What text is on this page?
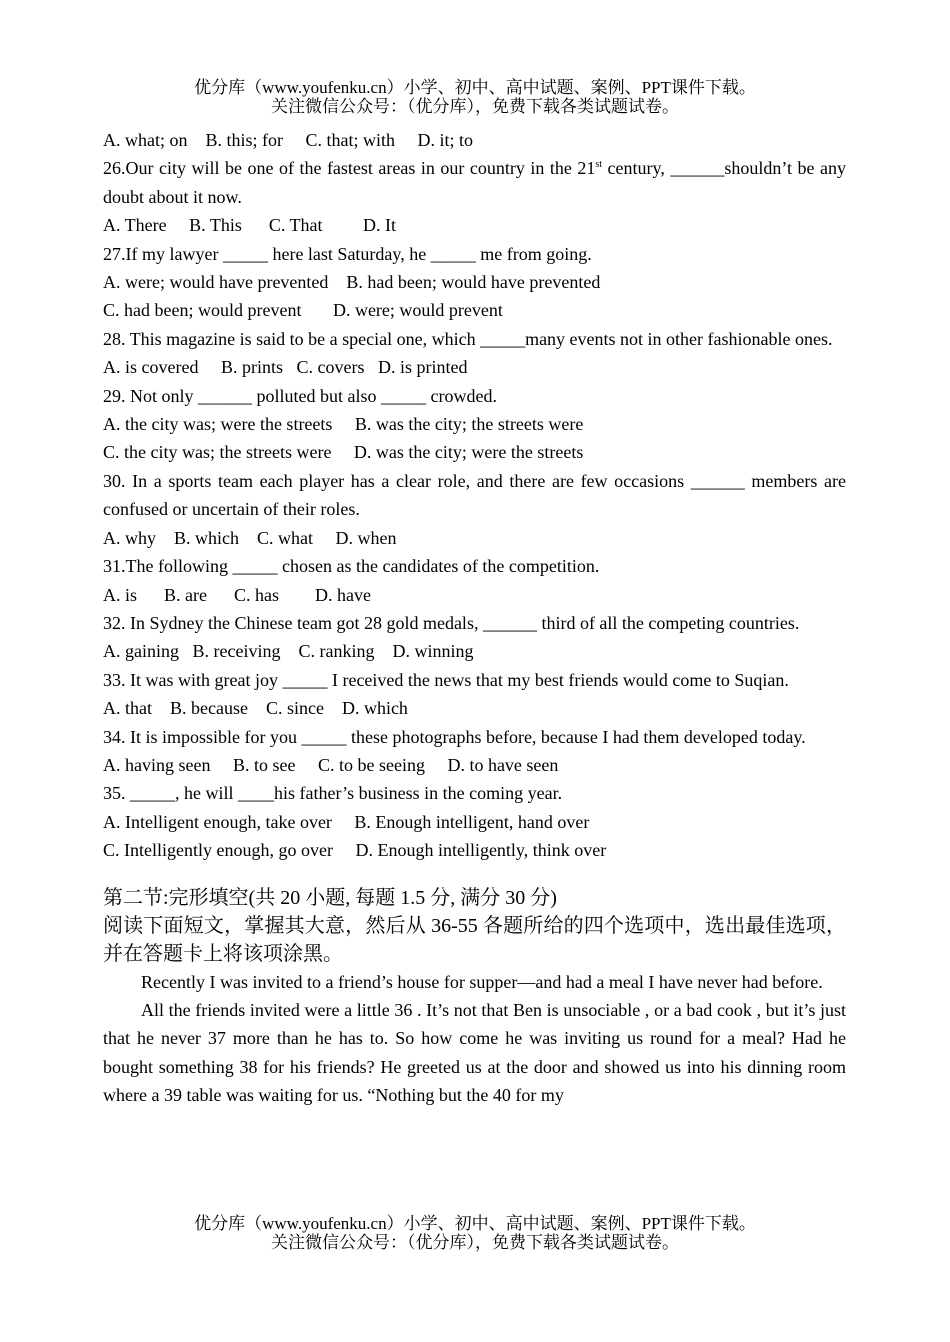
优分库（www.youfenku.cn）小学、初中、高中试题、案例、PPT课件下载。
关注微信公众号：（优分库），免费下载各类试题试卷。

A. what; on    B. this; for     C. that; with     D. it; to

26.Our city will be one of the fastest areas in our country in the 21st century, ______shouldn’t be any doubt about it now.

A. There     B. This      C. That         D. It

27.If my lawyer _____ here last Saturday, he _____ me from going.

A. were; would have prevented    B. had been; would have prevented

C. had been; would prevent       D. were; would prevent

28. This magazine is said to be a special one, which _____many events not in other fashionable ones.

A. is covered     B. prints   C. covers   D. is printed

29. Not only ______ polluted but also _____ crowded.

A. the city was; were the streets     B. was the city; the streets were

C. the city was; the streets were     D. was the city; were the streets

30. In a sports team each player has a clear role, and there are few occasions ______ members are confused or uncertain of their roles.

A. why    B. which    C. what     D. when

31.The following _____ chosen as the candidates of the competition.

A. is      B. are      C. has        D. have

32. In Sydney the Chinese team got 28 gold medals, ______ third of all the competing countries.

A. gaining   B. receiving    C. ranking    D. winning

33. It was with great joy _____ I received the news that my best friends would come to Suqian.

A. that    B. because    C. since    D. which

34. It is impossible for you _____ these photographs before, because I had them developed today.

A. having seen     B. to see     C. to be seeing     D. to have seen

35. _____, he will ____his father’s business in the coming year.

A. Intelligent enough, take over     B. Enough intelligent, hand over

C. Intelligently enough, go over     D. Enough intelligently, think over

第二节:完形填空(共 20 小题, 每题 1.5 分, 满分 30 分)

阅读下面短文，掌握其大意，然后从 36-55 各题所给的四个选项中，选出最佳选项，并在答题卡上将该项涂黑。

Recently I was invited to a friend’s house for supper—and had a meal I have never had before.

All the friends invited were a little 36 . It’s not that Ben is unsociable , or a bad cook , but it’s just that he never 37 more than he has to. So how come he was inviting us round for a meal? Had he bought something 38 for his friends? He greeted us at the door and showed us into his dinning room where a 39 table was waiting for us. “Nothing but the 40 for my

优分库（www.youfenku.cn）小学、初中、高中试题、案例、PPT课件下载。
关注微信公众号：（优分库），免费下载各类试题试卷。
